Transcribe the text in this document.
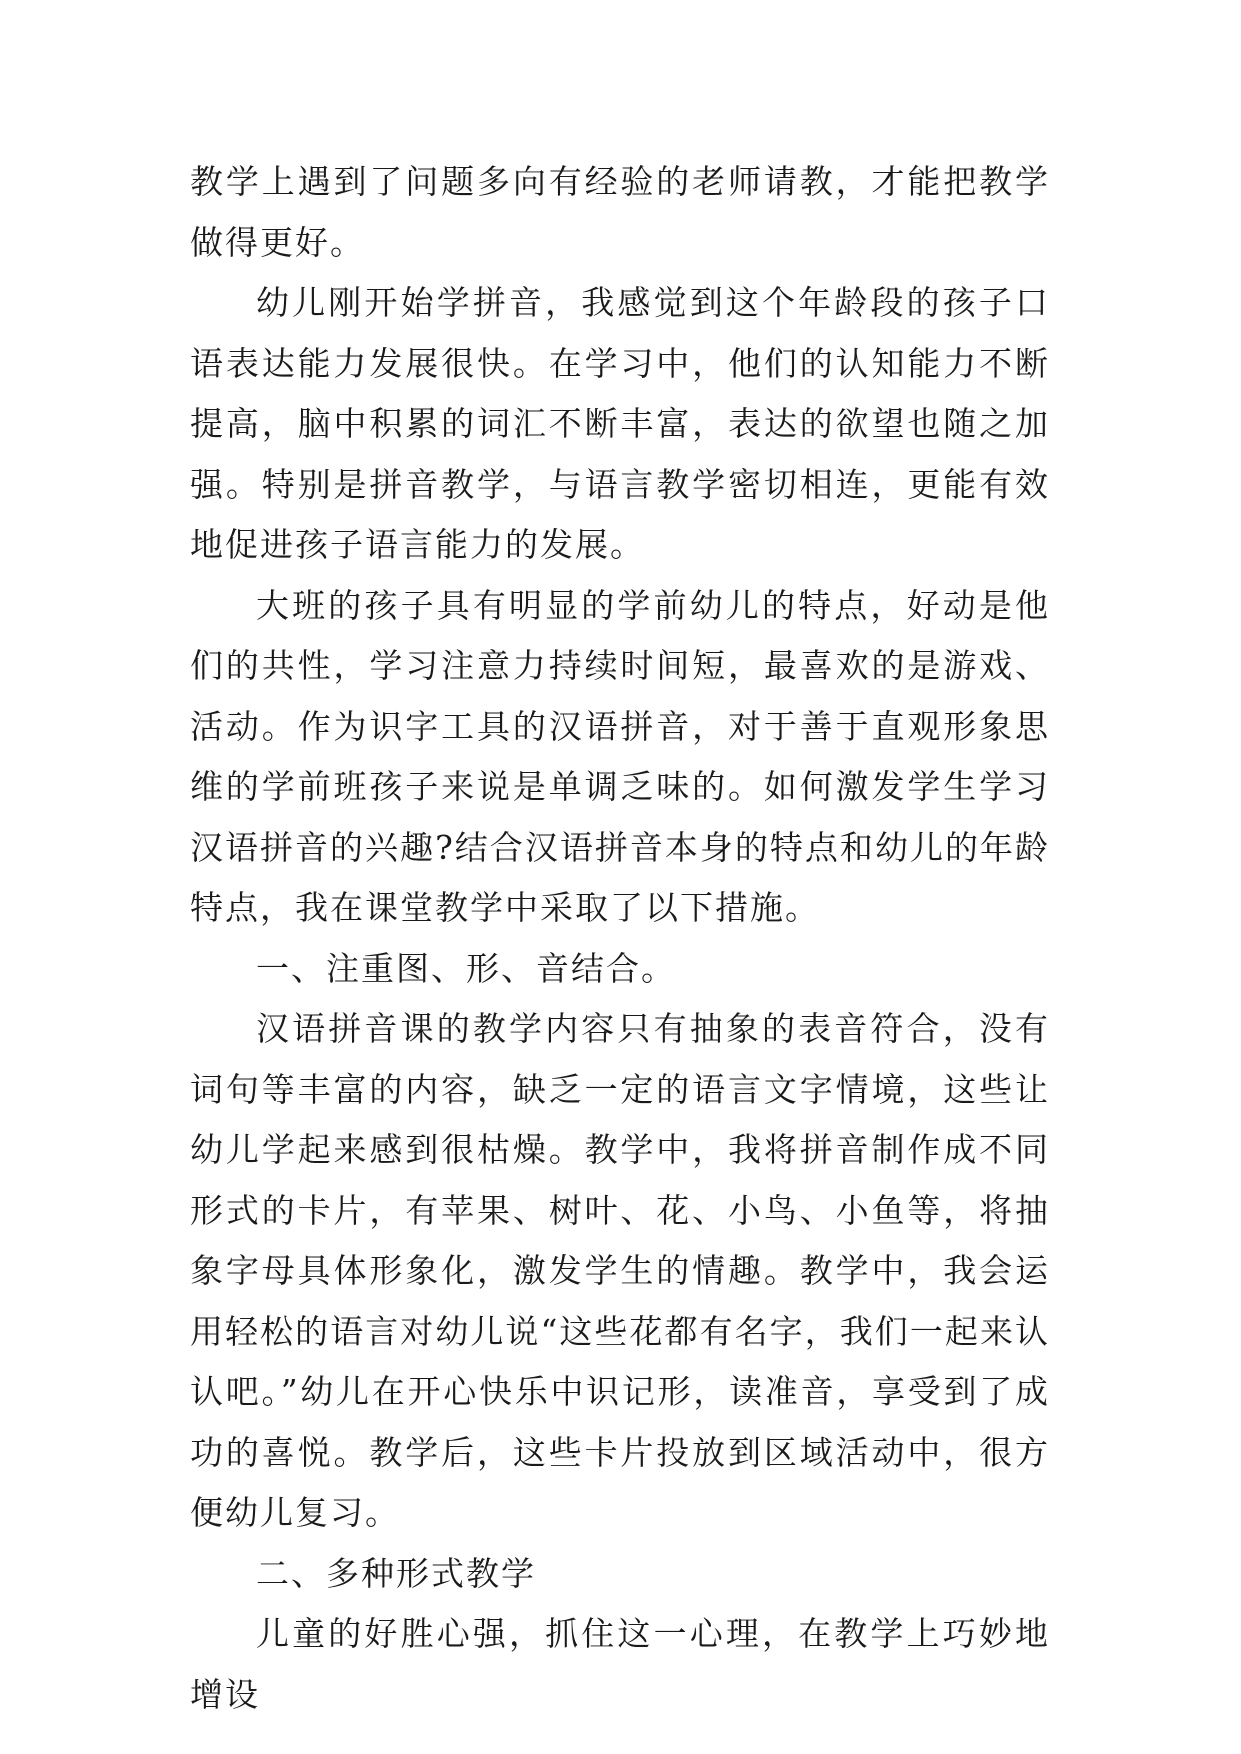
教学上遇到了问题多向有经验的老师请教，才能把教学做得更好。

幼儿刚开始学拼音，我感觉到这个年龄段的孩子口语表达能力发展很快。在学习中，他们的认知能力不断提高，脑中积累的词汇不断丰富，表达的欲望也随之加强。特别是拼音教学，与语言教学密切相连，更能有效地促进孩子语言能力的发展。

大班的孩子具有明显的学前幼儿的特点，好动是他们的共性，学习注意力持续时间短，最喜欢的是游戏、活动。作为识字工具的汉语拼音，对于善于直观形象思维的学前班孩子来说是单调乏味的。如何激发学生学习汉语拼音的兴趣?结合汉语拼音本身的特点和幼儿的年龄特点，我在课堂教学中采取了以下措施。

一、注重图、形、音结合。

汉语拼音课的教学内容只有抽象的表音符合，没有词句等丰富的内容，缺乏一定的语言文字情境，这些让幼儿学起来感到很枯燥。教学中，我将拼音制作成不同形式的卡片，有苹果、树叶、花、小鸟、小鱼等，将抽象字母具体形象化，激发学生的情趣。教学中，我会运用轻松的语言对幼儿说“这些花都有名字，我们一起来认认吧。”幼儿在开心快乐中识记形，读准音，享受到了成功的喜悦。教学后，这些卡片投放到区域活动中，很方便幼儿复习。

二、多种形式教学

儿童的好胜心强，抓住这一心理，在教学上巧妙地增设
